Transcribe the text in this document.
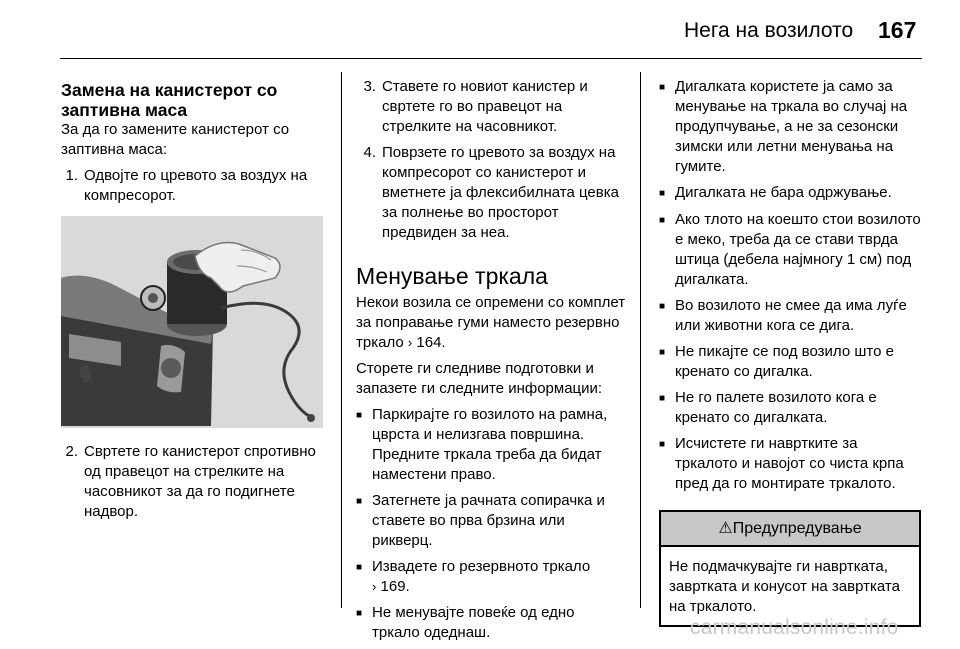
Нега на возилото 167
Замена на канистерот со заптивна маса

За да го замените канистерот со заптивна маса:

1. Одвојте го цревото за воздух на компресорот.
2. Свртете го канистерот спротивно од правецот на стрелките на часовникот за да го подигнете надвор.
3. Ставете го новиот канистер и свртете го во правецот на стрелките на часовникот.
4. Поврзете го цревото за воздух на компресорот со канистерот и вметнете ја флексибилната цевка за полнење во просторот предвиден за неа.
Менување тркала

Некои возила се опремени со комплет за поправање гуми наместо резервно тркало › 164.

Сторете ги следниве подготовки и запазете ги следните информации:

■ Паркирајте го возилото на рамна, цврста и нелизгава површина. Предните тркала треба да бидат наместени право.
■ Затегнете ја рачната сопирачка и ставете во прва брзина или рикверц.
■ Извадете го резервното тркало
› 169.
■ Не менувајте повеќе од едно тркало одеднаш.
■ Дигалката користете ја само за менување на тркала во случај на продупчување, а не за сезонски зимски или летни менувања на гумите.
■ Дигалката не бара одржување.
■ Ако тлото на коешто стои возилото е меко, треба да се стави тврда штица (дебела најмногу 1 см) под дигалката.
■ Во возилото не смее да има луѓе или животни кога се дига.
■ Не пикајте се под возило што е кренато со дигалка.
■ Не го палете возилото кога е кренато со дигалката.
■ Исчистете ги навртките за тркалото и навојот со чиста крпа пред да го монтирате тркалото.
⚠Предупредување
Не подмачкувајте ги навртката, завртката и конусот на завртката на тркалото.
carmanualsonline.info
